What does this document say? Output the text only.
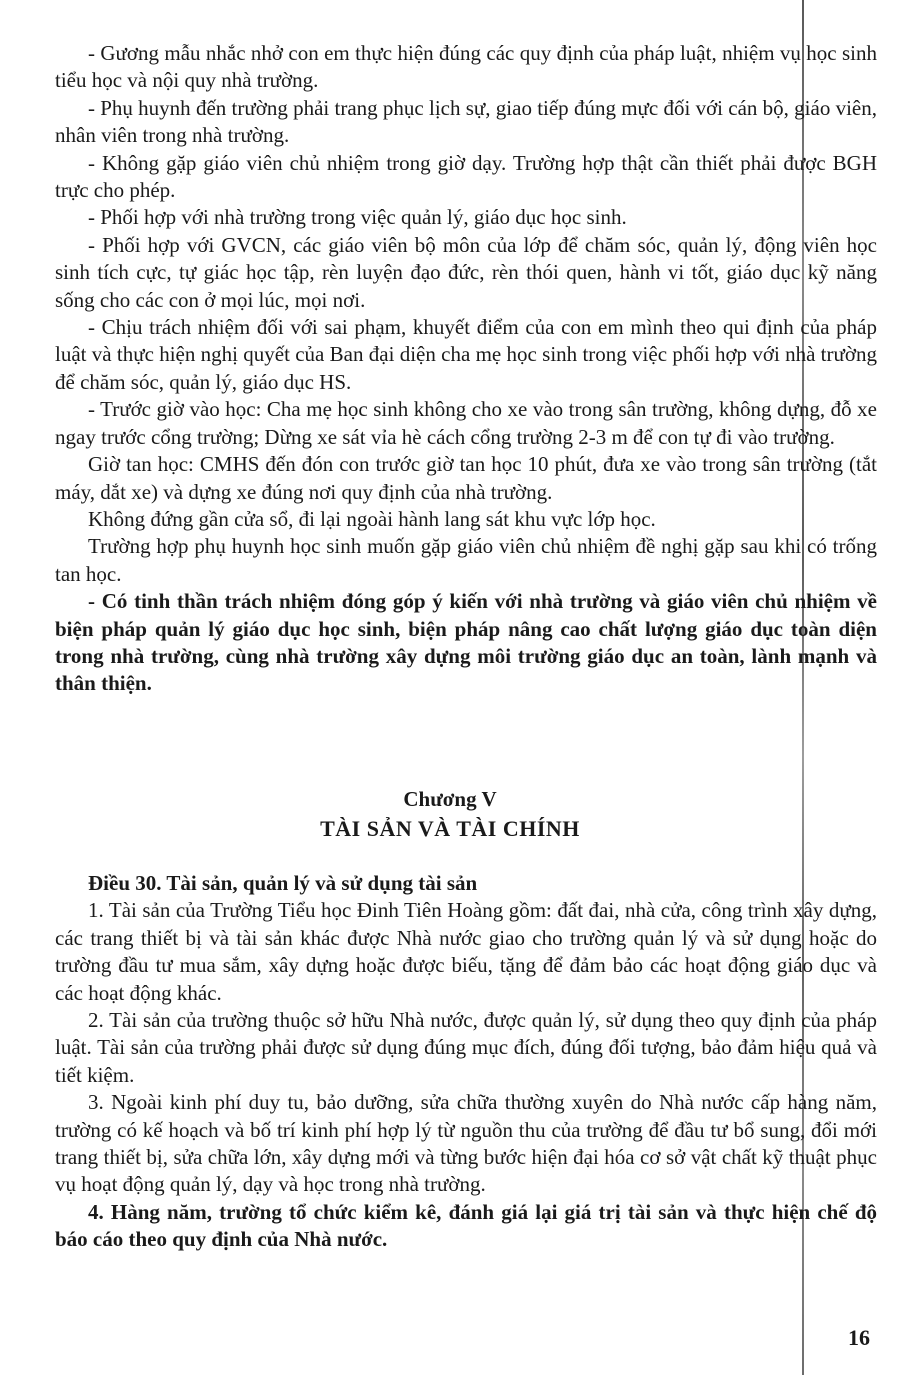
- Gương mẫu nhắc nhở con em thực hiện đúng các quy định của pháp luật, nhiệm vụ học sinh tiểu học và nội quy nhà trường.

- Phụ huynh đến trường phải trang phục lịch sự, giao tiếp đúng mực đối với cán bộ, giáo viên, nhân viên trong nhà trường.

- Không gặp giáo viên chủ nhiệm trong giờ dạy. Trường hợp thật cần thiết phải được BGH trực cho phép.

- Phối hợp với nhà trường trong việc quản lý, giáo dục học sinh.

- Phối hợp với GVCN, các giáo viên bộ môn của lớp để chăm sóc, quản lý, động viên học sinh tích cực, tự giác học tập, rèn luyện đạo đức, rèn thói quen, hành vi tốt, giáo dục kỹ năng sống cho các con ở mọi lúc, mọi nơi.

- Chịu trách nhiệm đối với sai phạm, khuyết điểm của con em mình theo qui định của pháp luật và thực hiện nghị quyết của Ban đại diện cha mẹ học sinh trong việc phối hợp với nhà trường để chăm sóc, quản lý, giáo dục HS.

- Trước giờ vào học: Cha mẹ học sinh không cho xe vào trong sân trường, không dựng, đỗ xe ngay trước cổng trường; Dừng xe sát vỉa hè cách cổng trường 2-3 m để con tự đi vào trường.

Giờ tan học: CMHS đến đón con trước giờ tan học 10 phút, đưa xe vào trong sân trường (tắt máy, dắt xe) và dựng xe đúng nơi quy định của nhà trường.

Không đứng gần cửa sổ, đi lại ngoài hành lang sát khu vực lớp học.

Trường hợp phụ huynh học sinh muốn gặp giáo viên chủ nhiệm đề nghị gặp sau khi có trống tan học.

- Có tinh thần trách nhiệm đóng góp ý kiến với nhà trường và giáo viên chủ nhiệm về biện pháp quản lý giáo dục học sinh, biện pháp nâng cao chất lượng giáo dục toàn diện trong nhà trường, cùng nhà trường xây dựng môi trường giáo dục an toàn, lành mạnh và thân thiện.

Chương V

TÀI SẢN VÀ TÀI CHÍNH

Điều 30. Tài sản, quản lý và sử dụng tài sản

1. Tài sản của Trường Tiểu học Đinh Tiên Hoàng gồm: đất đai, nhà cửa, công trình xây dựng, các trang thiết bị và tài sản khác được Nhà nước giao cho trường quản lý và sử dụng hoặc do trường đầu tư mua sắm, xây dựng hoặc được biếu, tặng để đảm bảo các hoạt động giáo dục và các hoạt động khác.

2. Tài sản của trường thuộc sở hữu Nhà nước, được quản lý, sử dụng theo quy định của pháp luật. Tài sản của trường phải được sử dụng đúng mục đích, đúng đối tượng, bảo đảm hiệu quả và tiết kiệm.

3. Ngoài kinh phí duy tu, bảo dưỡng, sửa chữa thường xuyên do Nhà nước cấp hàng năm, trường có kế hoạch và bố trí kinh phí hợp lý từ nguồn thu của trường để đầu tư bổ sung, đổi mới trang thiết bị, sửa chữa lớn, xây dựng mới và từng bước hiện đại hóa cơ sở vật chất kỹ thuật phục vụ hoạt động quản lý, dạy và học trong nhà trường.

4. Hàng năm, trường tổ chức kiểm kê, đánh giá lại giá trị tài sản và thực hiện chế độ báo cáo theo quy định của Nhà nước.

16
